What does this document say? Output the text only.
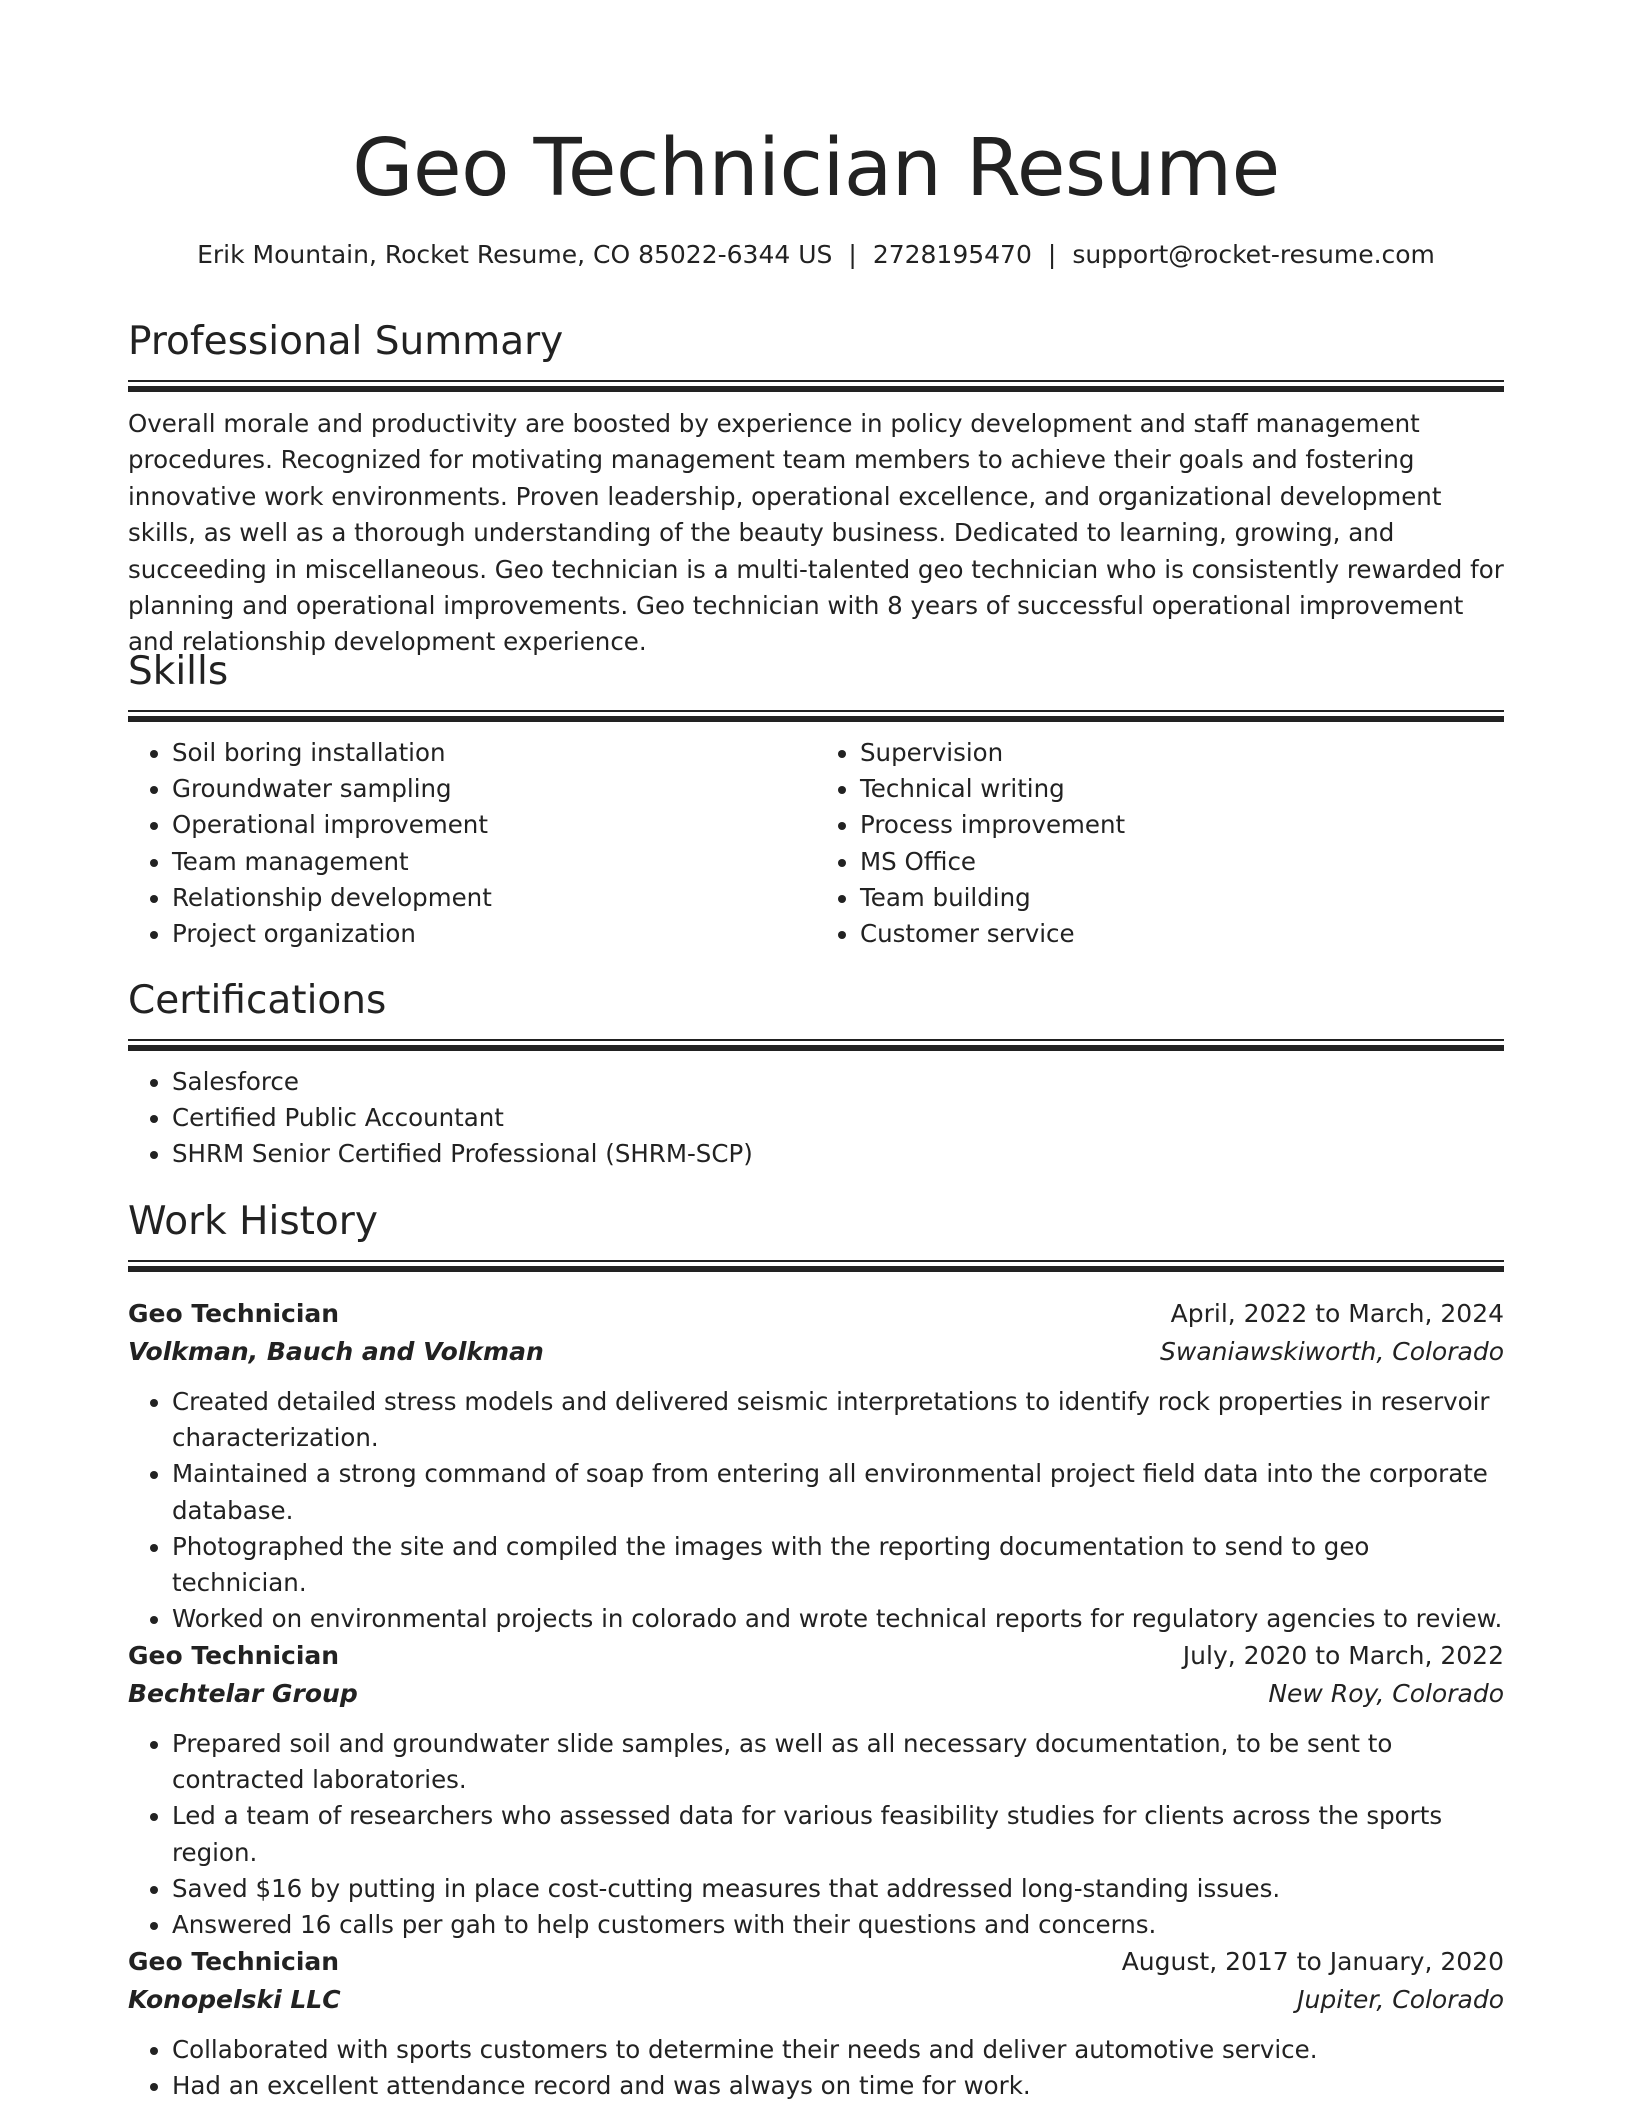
Geo Technician Resume
Erik Mountain, Rocket Resume, CO 85022-6344 US | 2728195470 | support@rocket-resume.com
Professional Summary

Overall morale and productivity are boosted by experience in policy development and staff management procedures. Recognized for motivating management team members to achieve their goals and fostering innovative work environments. Proven leadership, operational excellence, and organizational development skills, as well as a thorough understanding of the beauty business. Dedicated to learning, growing, and succeeding in miscellaneous. Geo technician is a multi-talented geo technician who is consistently rewarded for planning and operational improvements. Geo technician with 8 years of successful operational improvement and relationship development experience.

Skills
• Soil boring installation
• Groundwater sampling
• Operational improvement
• Team management
• Relationship development
• Project organization
• Supervision
• Technical writing
• Process improvement
• MS Office
• Team building
• Customer service
Certifications
• Salesforce
• Certified Public Accountant
• SHRM Senior Certified Professional (SHRM-SCP)
Work History
Geo Technician	April, 2022 to March, 2024
Volkman, Bauch and Volkman	Swaniawskiworth, Colorado
• Created detailed stress models and delivered seismic interpretations to identify rock properties in reservoir characterization.
• Maintained a strong command of soap from entering all environmental project field data into the corporate database.
• Photographed the site and compiled the images with the reporting documentation to send to geo technician.
• Worked on environmental projects in colorado and wrote technical reports for regulatory agencies to review.
Geo Technician	July, 2020 to March, 2022
Bechtelar Group	New Roy, Colorado
• Prepared soil and groundwater slide samples, as well as all necessary documentation, to be sent to contracted laboratories.
• Led a team of researchers who assessed data for various feasibility studies for clients across the sports region.
• Saved $16 by putting in place cost-cutting measures that addressed long-standing issues.
• Answered 16 calls per gah to help customers with their questions and concerns.
Geo Technician	August, 2017 to January, 2020
Konopelski LLC	Jupiter, Colorado
• Collaborated with sports customers to determine their needs and deliver automotive service.
• Had an excellent attendance record and was always on time for work.
